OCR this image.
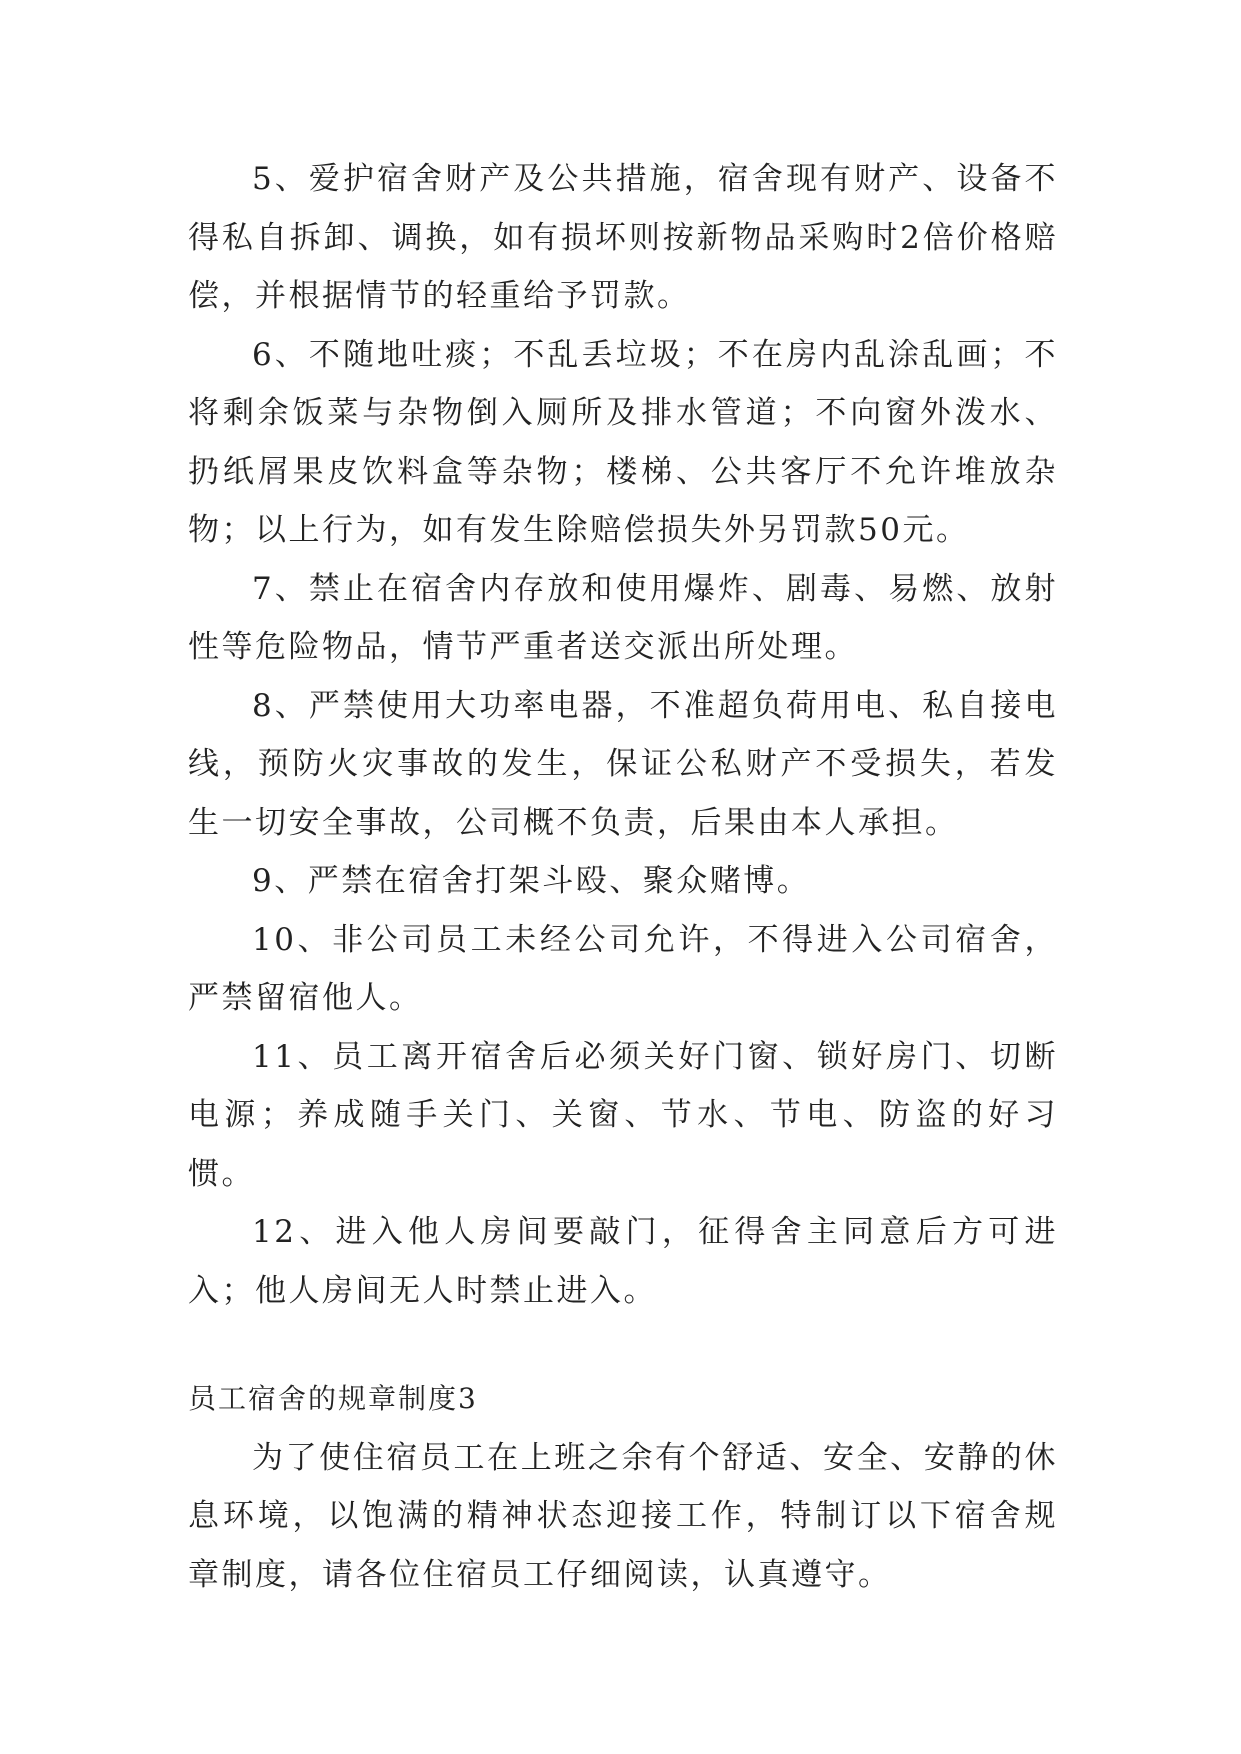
5、爱护宿舍财产及公共措施，宿舍现有财产、设备不得私自拆卸、调换，如有损坏则按新物品采购时2倍价格赔偿，并根据情节的轻重给予罚款。

6、不随地吐痰；不乱丢垃圾；不在房内乱涂乱画；不将剩余饭菜与杂物倒入厕所及排水管道；不向窗外泼水、扔纸屑果皮饮料盒等杂物；楼梯、公共客厅不允许堆放杂物；以上行为，如有发生除赔偿损失外另罚款50元。

7、禁止在宿舍内存放和使用爆炸、剧毒、易燃、放射性等危险物品，情节严重者送交派出所处理。

8、严禁使用大功率电器，不准超负荷用电、私自接电线，预防火灾事故的发生，保证公私财产不受损失，若发生一切安全事故，公司概不负责，后果由本人承担。

9、严禁在宿舍打架斗殴、聚众赌博。

10、非公司员工未经公司允许，不得进入公司宿舍，严禁留宿他人。

11、员工离开宿舍后必须关好门窗、锁好房门、切断电源；养成随手关门、关窗、节水、节电、防盗的好习惯。

12、进入他人房间要敲门，征得舍主同意后方可进入；他人房间无人时禁止进入。

员工宿舍的规章制度3

为了使住宿员工在上班之余有个舒适、安全、安静的休息环境，以饱满的精神状态迎接工作，特制订以下宿舍规章制度，请各位住宿员工仔细阅读，认真遵守。
